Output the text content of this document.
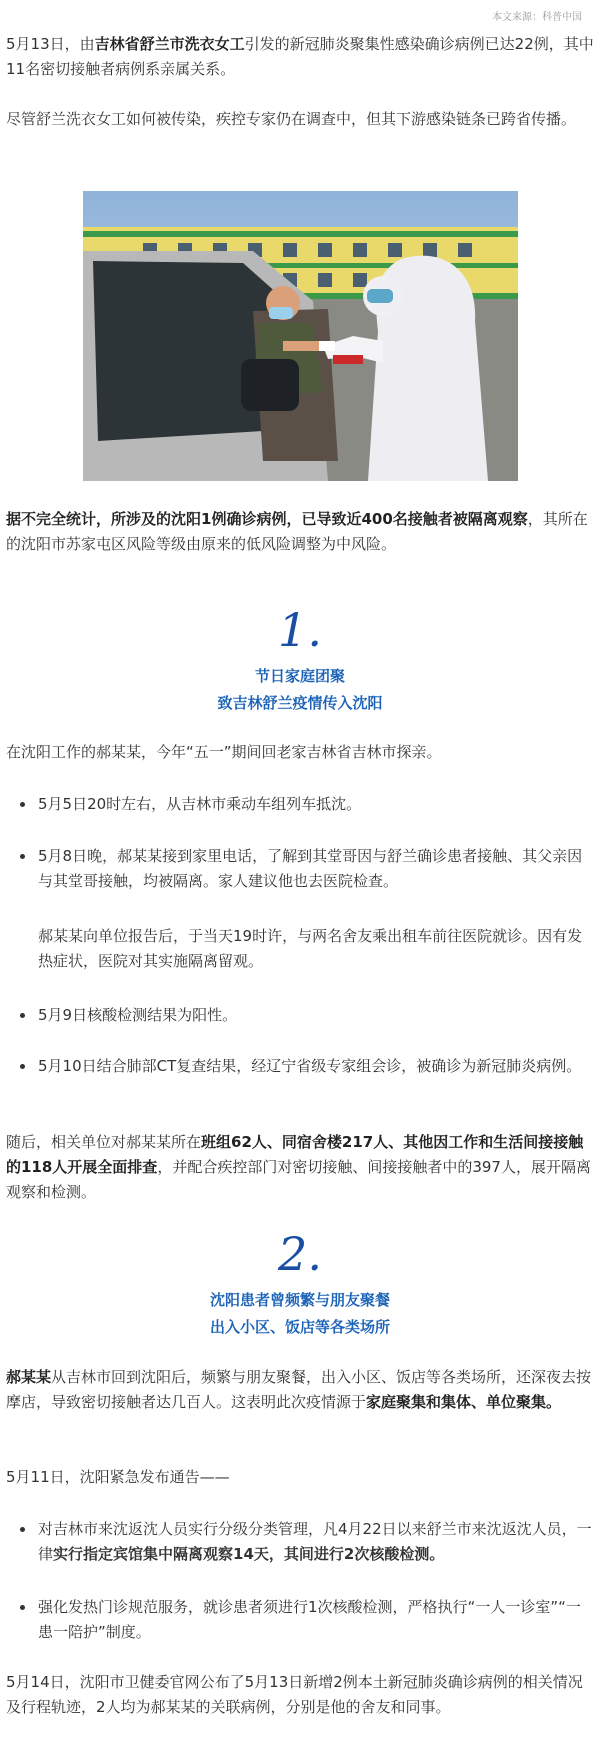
本文来源：科普中国

5月13日，由吉林省舒兰市洗衣女工引发的新冠肺炎聚集性感染确诊病例已达22例，其中11名密切接触者病例系亲属关系。

尽管舒兰洗衣女工如何被传染，疾控专家仍在调查中，但其下游感染链条已跨省传播。

据不完全统计，所涉及的沈阳1例确诊病例，已导致近400名接触者被隔离观察，其所在的沈阳市苏家屯区风险等级由原来的低风险调整为中风险。

1.
节日家庭团聚
致吉林舒兰疫情传入沈阳

在沈阳工作的郝某某，今年“五一”期间回老家吉林省吉林市探亲。

5月5日20时左右，从吉林市乘动车组列车抵沈。
5月8日晚，郝某某接到家里电话，了解到其堂哥因与舒兰确诊患者接触、其父亲因与其堂哥接触，均被隔离。家人建议他也去医院检查。
5月9日核酸检测结果为阳性。
5月10日结合肺部CT复查结果，经辽宁省级专家组会诊，被确诊为新冠肺炎病例。

郝某某向单位报告后，于当天19时许，与两名舍友乘出租车前往医院就诊。因有发热症状，医院对其实施隔离留观。

随后，相关单位对郝某某所在班组62人、同宿舍楼217人、其他因工作和生活间接接触的118人开展全面排查，并配合疾控部门对密切接触、间接接触者中的397人，展开隔离观察和检测。

2.
沈阳患者曾频繁与朋友聚餐
出入小区、饭店等各类场所

郝某某从吉林市回到沈阳后，频繁与朋友聚餐，出入小区、饭店等各类场所，还深夜去按摩店，导致密切接触者达几百人。这表明此次疫情源于家庭聚集和集体、单位聚集。

5月11日，沈阳紧急发布通告——

对吉林市来沈返沈人员实行分级分类管理，凡4月22日以来舒兰市来沈返沈人员，一律实行指定宾馆集中隔离观察14天，其间进行2次核酸检测。
强化发热门诊规范服务，就诊患者须进行1次核酸检测，严格执行“一人一诊室”“一患一陪护”制度。

5月14日，沈阳市卫健委官网公布了5月13日新增2例本土新冠肺炎确诊病例的相关情况及行程轨迹，2人均为郝某某的关联病例，分别是他的舍友和同事。
